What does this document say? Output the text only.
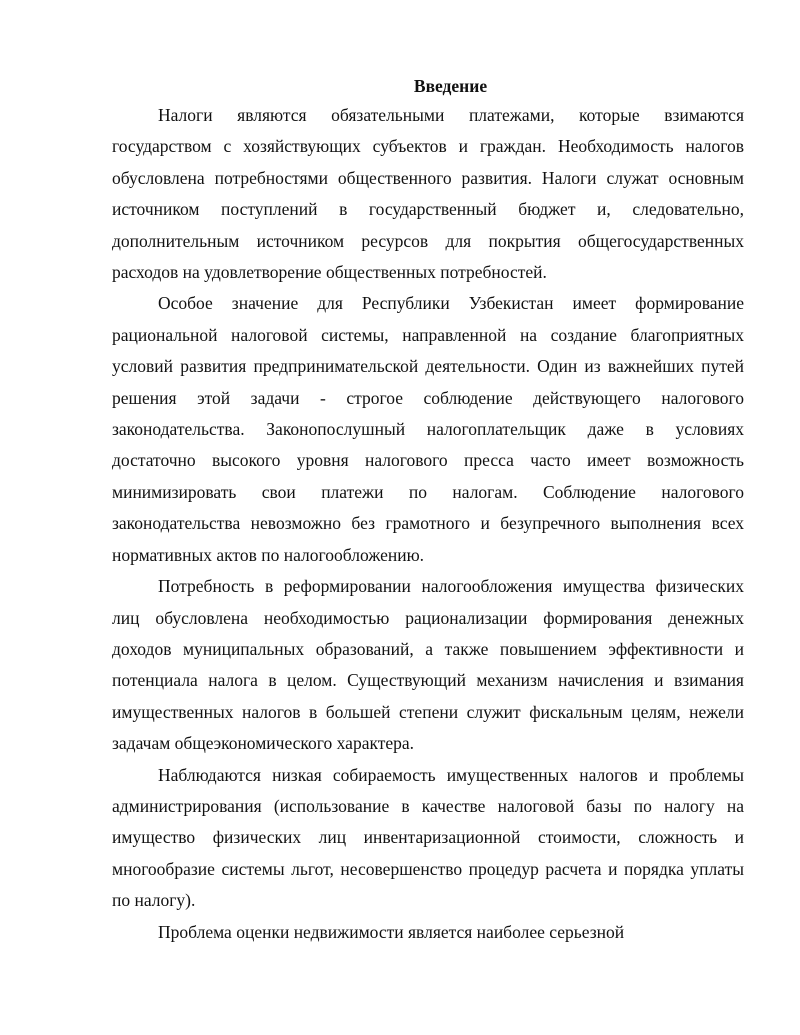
Введение

Налоги являются обязательными платежами, которые взимаются государством с хозяйствующих субъектов и граждан. Необходимость налогов обусловлена потребностями общественного развития. Налоги служат основным источником поступлений в государственный бюджет и, следовательно, дополнительным источником ресурсов для покрытия общегосударственных расходов на удовлетворение общественных потребностей.

Особое значение для Республики Узбекистан имеет формирование рациональной налоговой системы, направленной на создание благоприятных условий развития предпринимательской деятельности. Один из важнейших путей решения этой задачи - строгое соблюдение действующего налогового законодательства. Законопослушный налогоплательщик даже в условиях достаточно высокого уровня налогового пресса часто имеет возможность минимизировать свои платежи по налогам. Соблюдение налогового законодательства невозможно без грамотного и безупречного выполнения всех нормативных актов по налогообложению.

Потребность в реформировании налогообложения имущества физических лиц обусловлена необходимостью рационализации формирования денежных доходов муниципальных образований, а также повышением эффективности и потенциала налога в целом. Существующий механизм начисления и взимания имущественных налогов в большей степени служит фискальным целям, нежели задачам общеэкономического характера.

Наблюдаются низкая собираемость имущественных налогов и проблемы администрирования (использование в качестве налоговой базы по налогу на имущество физических лиц инвентаризационной стоимости, сложность и многообразие системы льгот, несовершенство процедур расчета и порядка уплаты по налогу).

Проблема оценки недвижимости является наиболее серьезной
